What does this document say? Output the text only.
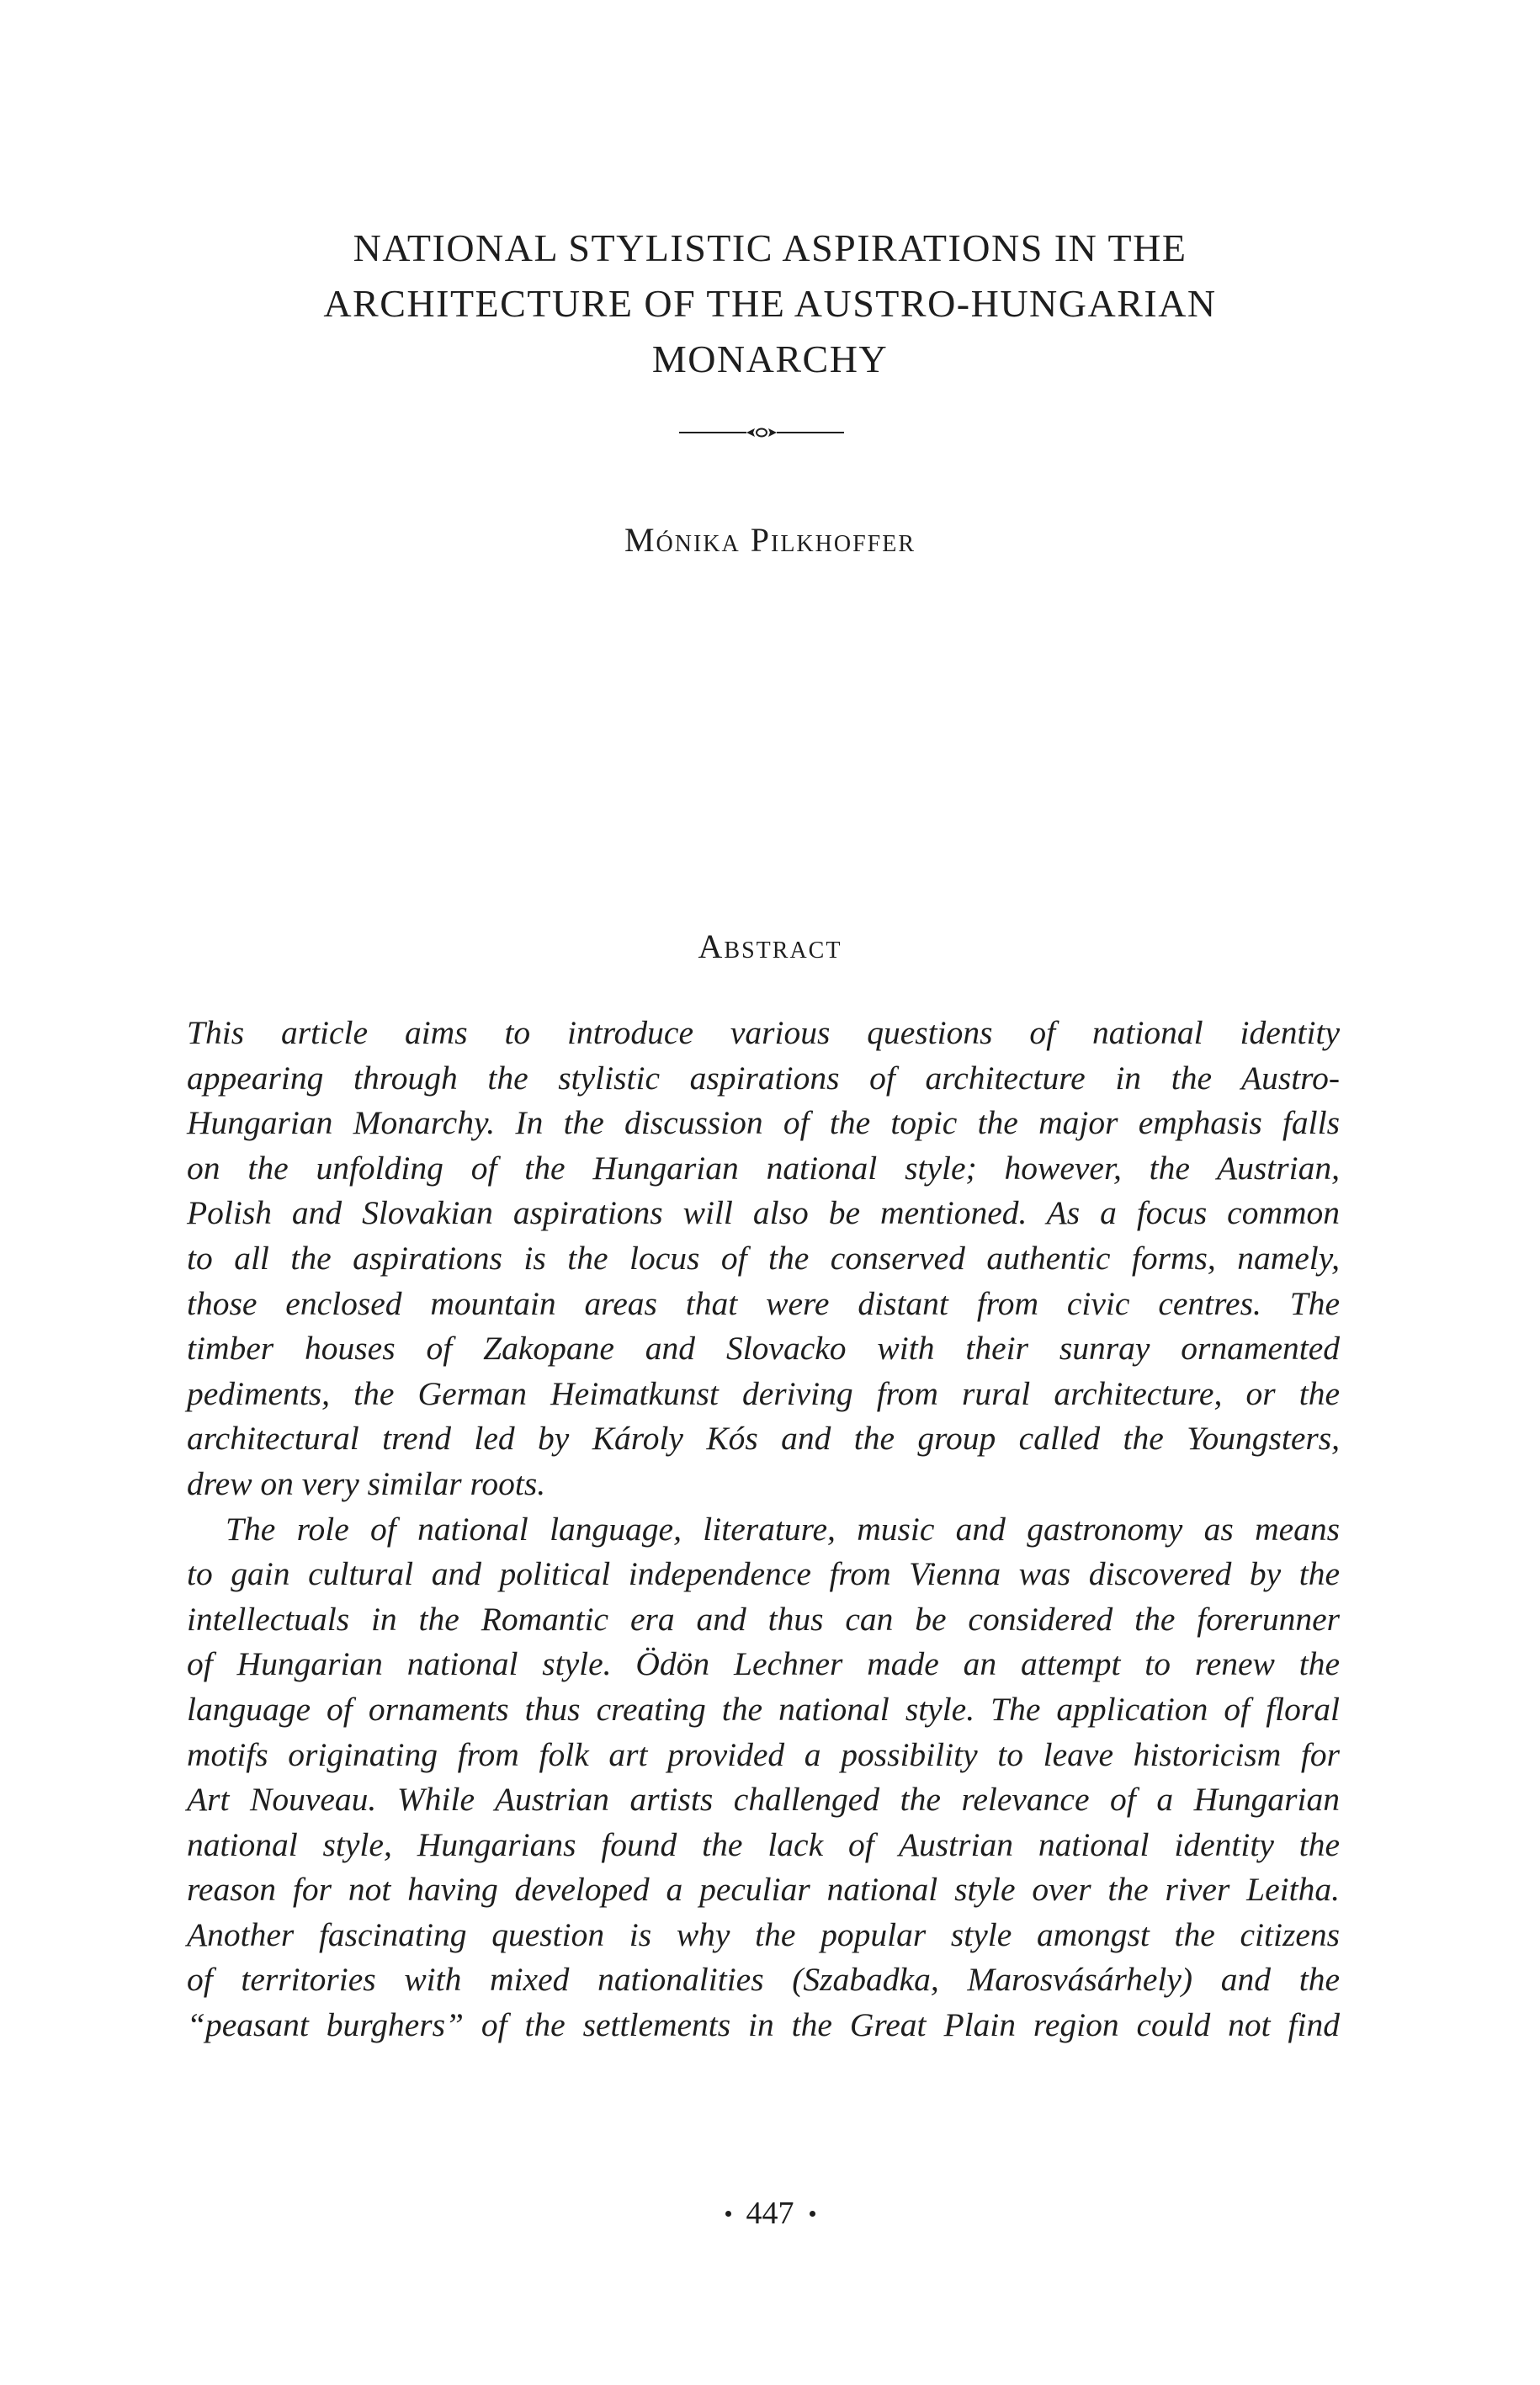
NATIONAL STYLISTIC ASPIRATIONS IN THE
ARCHITECTURE OF THE AUSTRO-HUNGARIAN
MONARCHY
Mónika Pilkhoffer
Abstract
This article aims to introduce various questions of national identity
appearing through the stylistic aspirations of architecture in the Austro-
Hungarian Monarchy. In the discussion of the topic the major emphasis falls
on the unfolding of the Hungarian national style; however, the Austrian,
Polish and Slovakian aspirations will also be mentioned. As a focus common
to all the aspirations is the locus of the conserved authentic forms, namely,
those enclosed mountain areas that were distant from civic centres. The
timber houses of Zakopane and Slovacko with their sunray ornamented
pediments, the German Heimatkunst deriving from rural architecture, or the
architectural trend led by Károly Kós and the group called the Youngsters,
drew on very similar roots.
The role of national language, literature, music and gastronomy as means
to gain cultural and political independence from Vienna was discovered by the
intellectuals in the Romantic era and thus can be considered the forerunner
of Hungarian national style. Ödön Lechner made an attempt to renew the
language of ornaments thus creating the national style. The application of floral
motifs originating from folk art provided a possibility to leave historicism for
Art Nouveau. While Austrian artists challenged the relevance of a Hungarian
national style, Hungarians found the lack of Austrian national identity the
reason for not having developed a peculiar national style over the river Leitha.
Another fascinating question is why the popular style amongst the citizens
of territories with mixed nationalities (Szabadka, Marosvásárhely) and the
“peasant burghers” of the settlements in the Great Plain region could not find
447
